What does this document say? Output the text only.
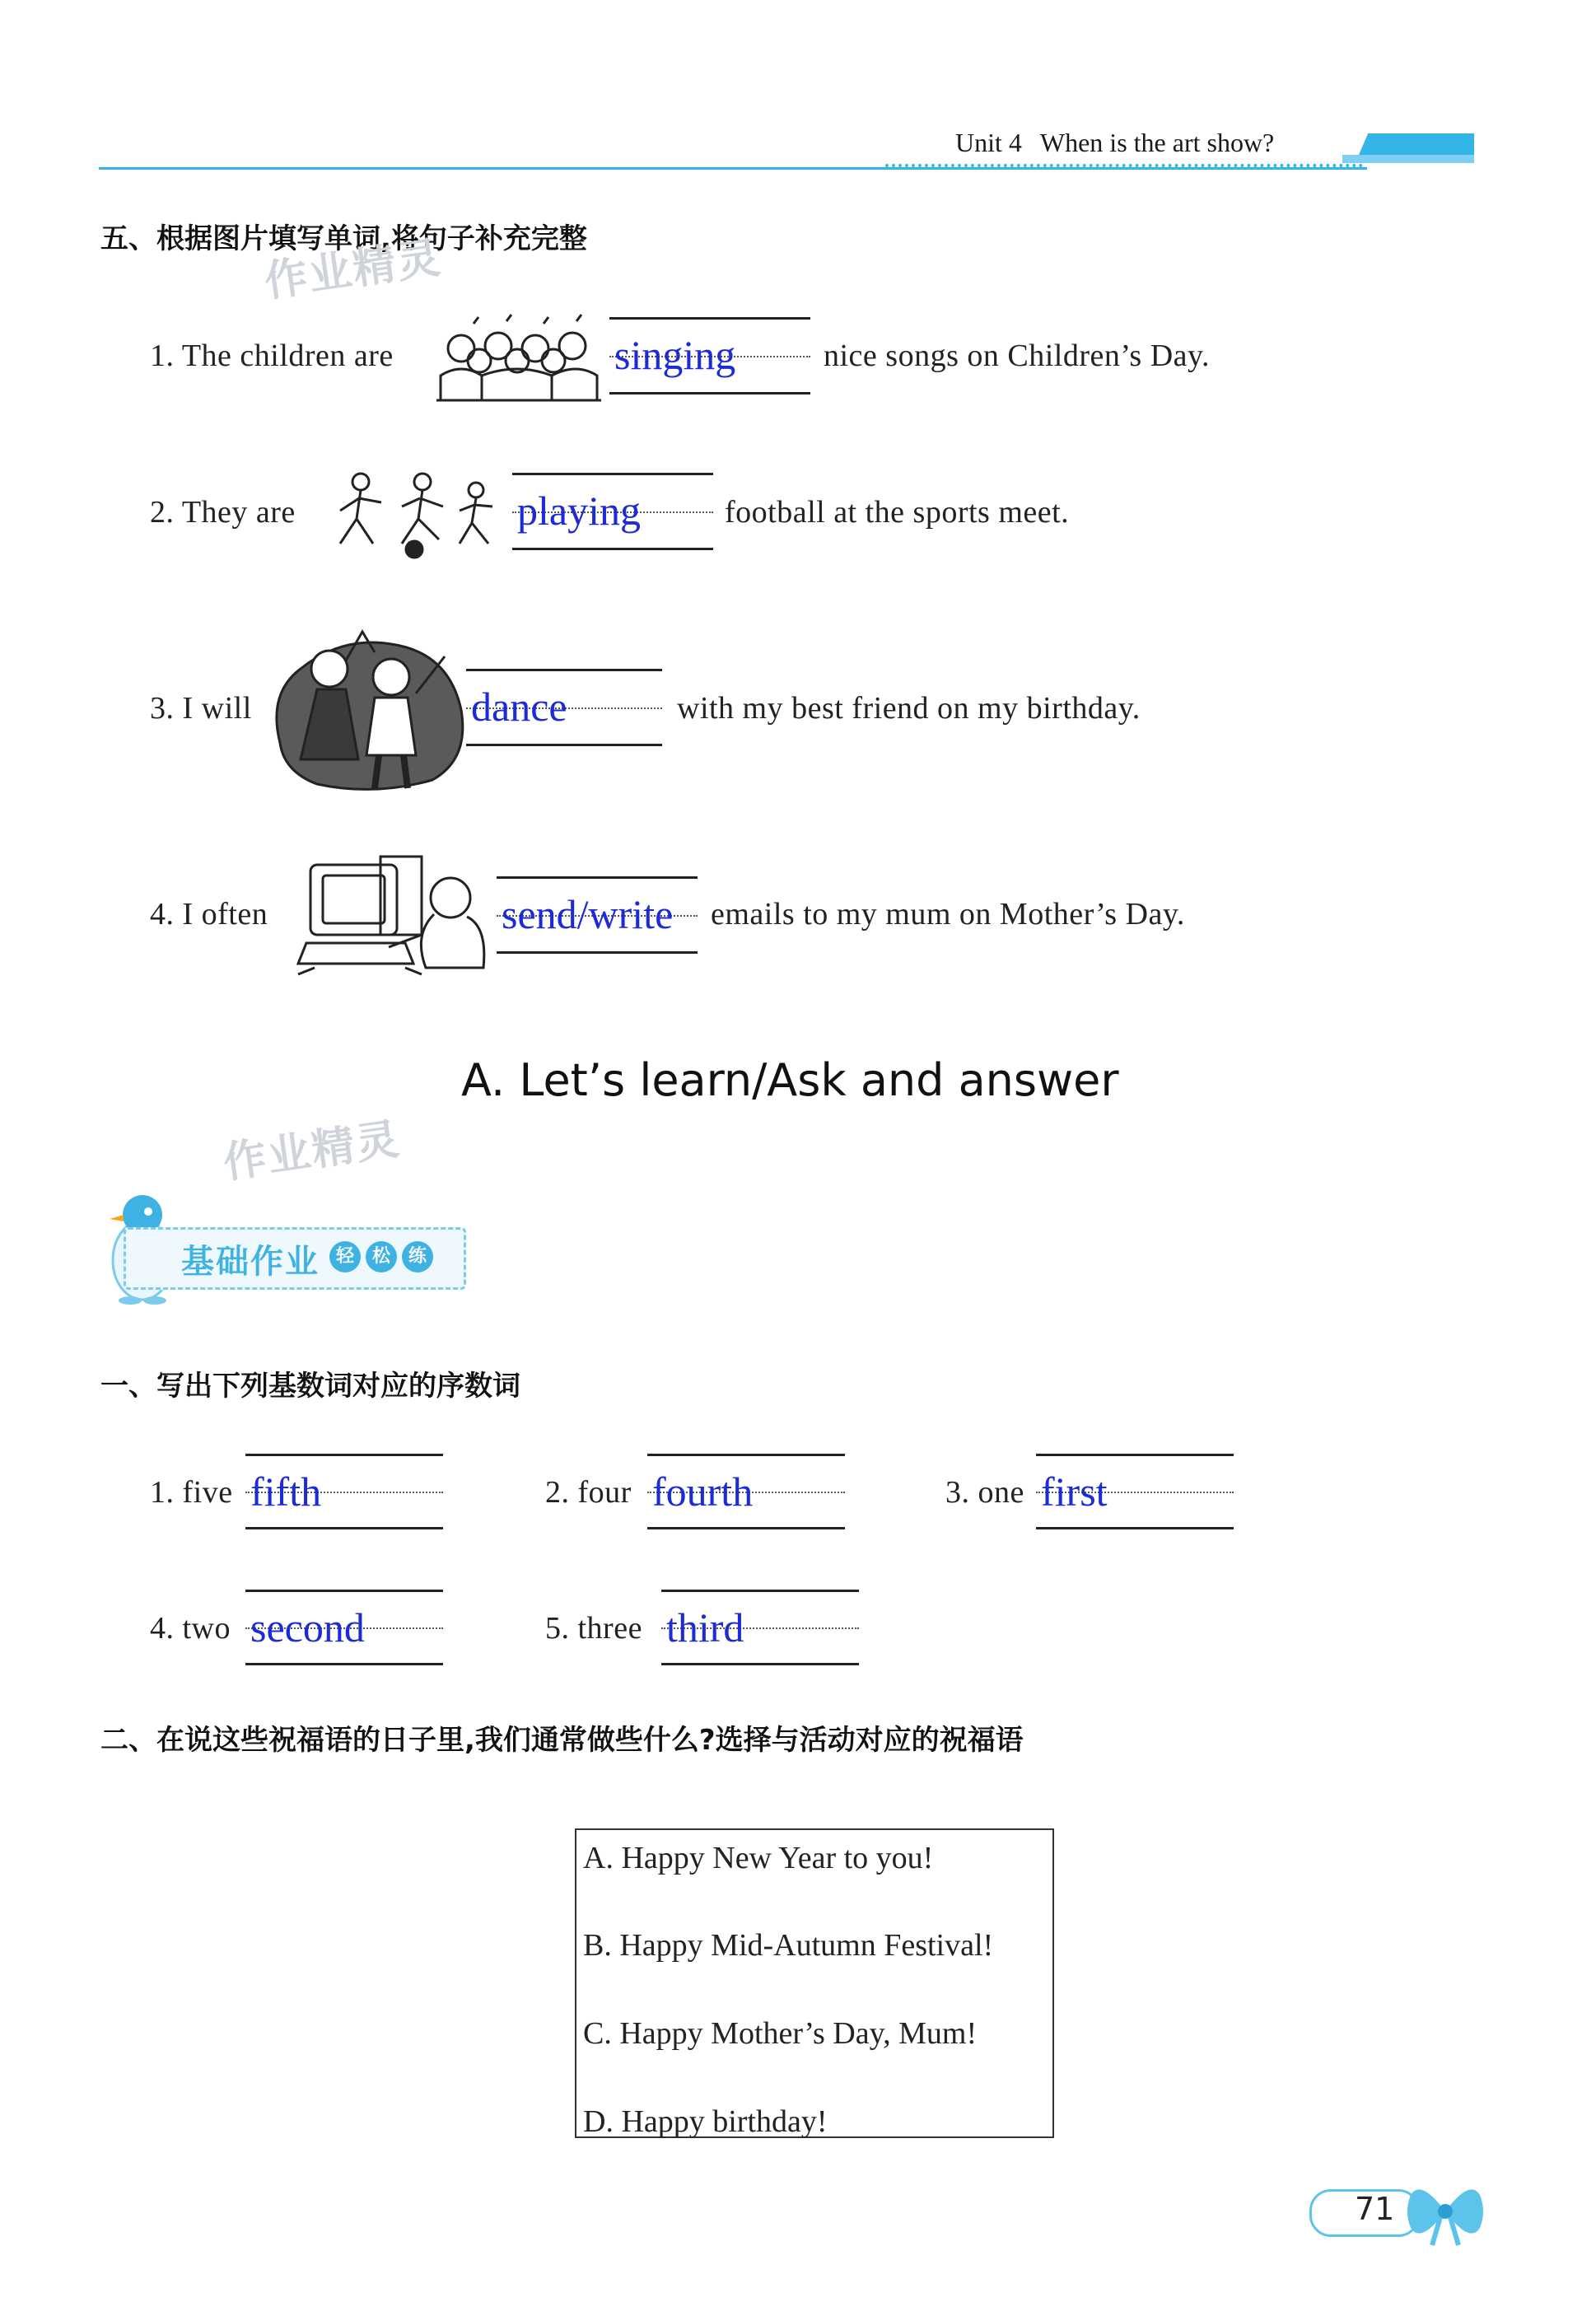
Unit 4 When is the art show?
五、根据图片填写单词,将句子补充完整
作业精灵
1. The children are	singing	nice songs on Children’s Day.
2. They are	playing	football at the sports meet.
3. I will	dance	with my best friend on my birthday.
4. I often	send/write emails to my mum on Mother’s Day.
A. Let’s learn/Ask and answer
作业精灵
基础作业 轻 松 练
一、写出下列基数词对应的序数词
1. five fifth	2. four fourth	3. one first
4. two second	5. three third
二、在说这些祝福语的日子里,我们通常做些什么?选择与活动对应的祝福语
A. Happy New Year to you!
B. Happy Mid-Autumn Festival!
C. Happy Mother’s Day, Mum!
D. Happy birthday!
71
